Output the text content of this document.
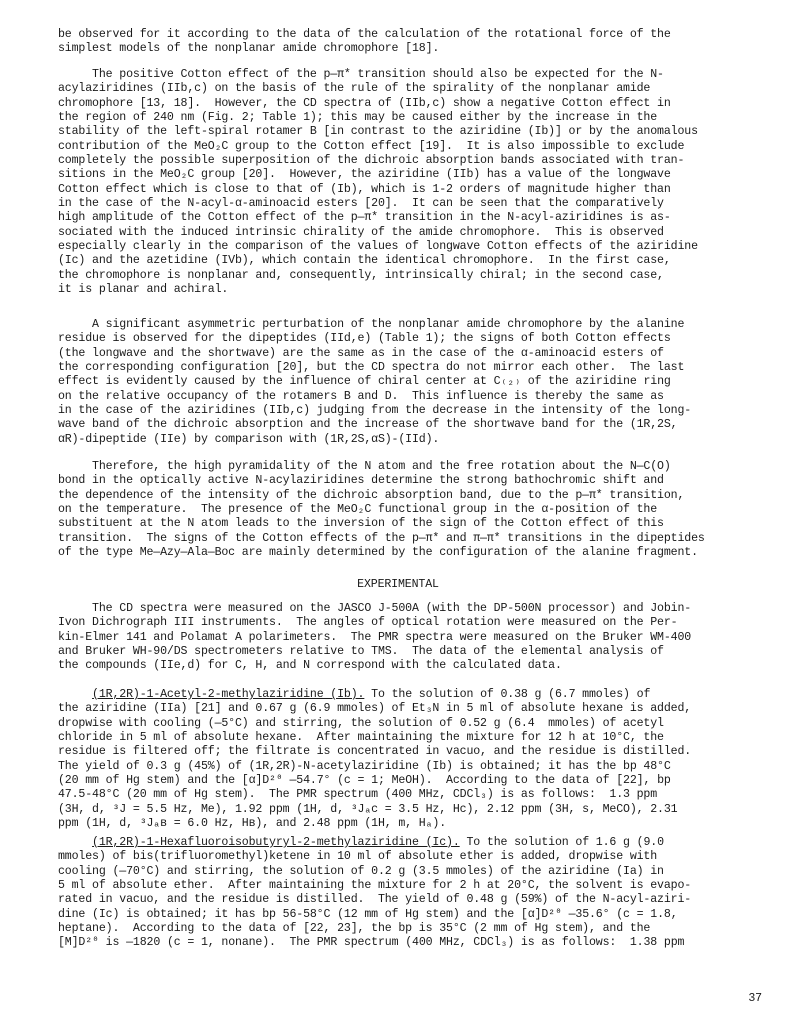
be observed for it according to the data of the calculation of the rotational force of the

simplest models of the nonplanar amide chromophore [18].

The positive Cotton effect of the p—π* transition should also be expected for the N-

acylaziridines (IIb,c) on the basis of the rule of the spirality of the nonplanar amide

chromophore [13, 18].  However, the CD spectra of (IIb,c) show a negative Cotton effect in

the region of 240 nm (Fig. 2; Table 1); this may be caused either by the increase in the

stability of the left-spiral rotamer B [in contrast to the aziridine (Ib)] or by the anomalous

contribution of the MeO₂C group to the Cotton effect [19].  It is also impossible to exclude

completely the possible superposition of the dichroic absorption bands associated with tran-

sitions in the MeO₂C group [20].  However, the aziridine (IIb) has a value of the longwave

Cotton effect which is close to that of (Ib), which is 1-2 orders of magnitude higher than

in the case of the N-acyl-α-aminoacid esters [20].  It can be seen that the comparatively

high amplitude of the Cotton effect of the p—π* transition in the N-acyl-aziridines is as-

sociated with the induced intrinsic chirality of the amide chromophore.  This is observed

especially clearly in the comparison of the values of longwave Cotton effects of the aziridine

(Ic) and the azetidine (IVb), which contain the identical chromophore.  In the first case,

the chromophore is nonplanar and, consequently, intrinsically chiral; in the second case,

it is planar and achiral.

A significant asymmetric perturbation of the nonplanar amide chromophore by the alanine

residue is observed for the dipeptides (IId,e) (Table 1); the signs of both Cotton effects

(the longwave and the shortwave) are the same as in the case of the α-aminoacid esters of

the corresponding configuration [20], but the CD spectra do not mirror each other.  The last

effect is evidently caused by the influence of chiral center at C₍₂₎ of the aziridine ring

on the relative occupancy of the rotamers B and D.  This influence is thereby the same as

in the case of the aziridines (IIb,c) judging from the decrease in the intensity of the long-

wave band of the dichroic absorption and the increase of the shortwave band for the (1R,2S,

αR)-dipeptide (IIe) by comparison with (1R,2S,αS)-(IId).

Therefore, the high pyramidality of the N atom and the free rotation about the N—C(O)

bond in the optically active N-acylaziridines determine the strong bathochromic shift and

the dependence of the intensity of the dichroic absorption band, due to the p—π* transition,

on the temperature.  The presence of the MeO₂C functional group in the α-position of the

substituent at the N atom leads to the inversion of the sign of the Cotton effect of this

transition.  The signs of the Cotton effects of the p—π* and π—π* transitions in the dipeptides

of the type Me—Azy—Ala—Boc are mainly determined by the configuration of the alanine fragment.

EXPERIMENTAL

The CD spectra were measured on the JASCO J-500A (with the DP-500N processor) and Jobin-

Ivon Dichrograph III instruments.  The angles of optical rotation were measured on the Per-

kin-Elmer 141 and Polamat A polarimeters.  The PMR spectra were measured on the Bruker WM-400

and Bruker WH-90/DS spectrometers relative to TMS.  The data of the elemental analysis of

the compounds (IIe,d) for C, H, and N correspond with the calculated data.

(1R,2R)-1-Acetyl-2-methylaziridine (Ib). To the solution of 0.38 g (6.7 mmoles) of

the aziridine (IIa) [21] and 0.67 g (6.9 mmoles) of Et₃N in 5 ml of absolute hexane is added,

dropwise with cooling (—5°C) and stirring, the solution of 0.52 g (6.4  mmoles) of acetyl

chloride in 5 ml of absolute hexane.  After maintaining the mixture for 12 h at 10°C, the

residue is filtered off; the filtrate is concentrated in vacuo, and the residue is distilled.

The yield of 0.3 g (45%) of (1R,2R)-N-acetylaziridine (Ib) is obtained; it has the bp 48°C

(20 mm of Hg stem) and the [α]D²⁰ —54.7° (c = 1; MeOH).  According to the data of [22], bp

47.5-48°C (20 mm of Hg stem).  The PMR spectrum (400 MHz, CDCl₃) is as follows:  1.3 ppm

(3H, d, ³J = 5.5 Hz, Me), 1.92 ppm (1H, d, ³Jₐc = 3.5 Hz, Hc), 2.12 ppm (3H, s, MeCO), 2.31

ppm (1H, d, ³Jₐʙ = 6.0 Hz, Hʙ), and 2.48 ppm (1H, m, Hₐ).

(1R,2R)-1-Hexafluoroisobutyryl-2-methylaziridine (Ic). To the solution of 1.6 g (9.0

mmoles) of bis(trifluoromethyl)ketene in 10 ml of absolute ether is added, dropwise with

cooling (—70°C) and stirring, the solution of 0.2 g (3.5 mmoles) of the aziridine (Ia) in

5 ml of absolute ether.  After maintaining the mixture for 2 h at 20°C, the solvent is evapo-

rated in vacuo, and the residue is distilled.  The yield of 0.48 g (59%) of the N-acyl-aziri-

dine (Ic) is obtained; it has bp 56-58°C (12 mm of Hg stem) and the [α]D²⁰ —35.6° (c = 1.8,

heptane).  According to the data of [22, 23], the bp is 35°C (2 mm of Hg stem), and the

[M]D²⁰ is —1820 (c = 1, nonane).  The PMR spectrum (400 MHz, CDCl₃) is as follows:  1.38 ppm

37
